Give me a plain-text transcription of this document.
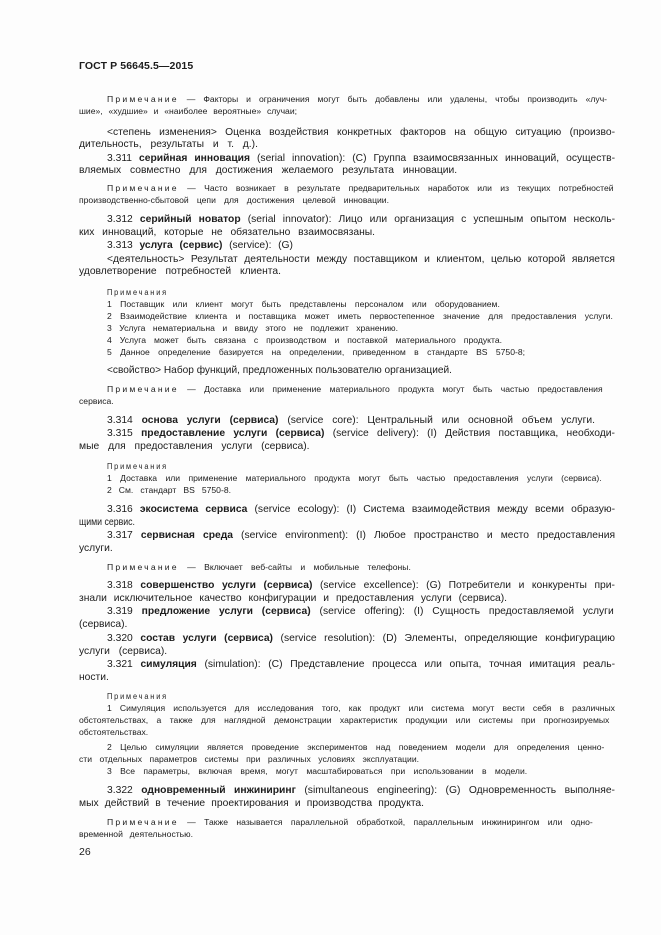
ГОСТ Р 56645.5—2015
Примечание — Факторы и ограничения могут быть добавлены или удалены, чтобы производить «луч-
шие», «худшие» и «наиболее вероятные» случаи;
<степень изменения> Оценка воздействия конкретных факторов на общую ситуацию (произво-
дительность, результаты и т. д.).
3.311 серийная инновация (serial innovation): (C) Группа взаимосвязанных инноваций, осуществ-
вляемых совместно для достижения желаемого результата инновации.
Примечание — Часто возникает в результате предварительных наработок или из текущих потребностей
производственно-сбытовой цепи для достижения целевой инновации.
3.312 серийный новатор (serial innovator): Лицо или организация с успешным опытом несколь-
ких инноваций, которые не обязательно взаимосвязаны.
3.313 услуга (сервис) (service): (G)
<деятельность> Результат деятельности между поставщиком и клиентом, целью которой является
удовлетворение потребностей клиента.
Примечания
1 Поставщик или клиент могут быть представлены персоналом или оборудованием.
2 Взаимодействие клиента и поставщика может иметь первостепенное значение для предоставления услуги.
3 Услуга нематериальна и ввиду этого не подлежит хранению.
4 Услуга может быть связана с производством и поставкой материального продукта.
5 Данное определение базируется на определении, приведенном в стандарте BS 5750-8;
<свойство> Набор функций, предложенных пользователю организацией.
Примечание — Доставка или применение материального продукта могут быть частью предоставления
сервиса.
3.314 основа услуги (сервиса) (service core): Центральный или основной объем услуги.
3.315 предоставление услуги (сервиса) (service delivery): (I) Действия поставщика, необходи-
мые для предоставления услуги (сервиса).
Примечания
1 Доставка или применение материального продукта могут быть частью предоставления услуги (сервиса).
2 См. стандарт BS 5750-8.
3.316 экосистема сервиса (service ecology): (I) Система взаимодействия между всеми образую-
щими сервис.
3.317 сервисная среда (service environment): (I) Любое пространство и место предоставления
услуги.
Примечание — Включает веб-сайты и мобильные телефоны.
3.318 совершенство услуги (сервиса) (service excellence): (G) Потребители и конкуренты при-
знали исключительное качество конфигурации и предоставления услуги (сервиса).
3.319 предложение услуги (сервиса) (service offering): (I) Сущность предоставляемой услуги
(сервиса).
3.320 состав услуги (сервиса) (service resolution): (D) Элементы, определяющие конфигурацию
услуги (сервиса).
3.321 симуляция (simulation): (C) Представление процесса или опыта, точная имитация реаль-
ности.
Примечания
1 Симуляция используется для исследования того, как продукт или система могут вести себя в различных
обстоятельствах, а также для наглядной демонстрации характеристик продукции или системы при прогнозируемых
обстоятельствах.
2 Целью симуляции является проведение экспериментов над поведением модели для определения ценно-
сти отдельных параметров системы при различных условиях эксплуатации.
3 Все параметры, включая время, могут масштабироваться при использовании в модели.
3.322 одновременный инжиниринг (simultaneous engineering): (G) Одновременность выполняе-
мых действий в течение проектирования и производства продукта.
Примечание — Также называется параллельной обработкой, параллельным инжинирингом или одно-
временной деятельностью.
26
